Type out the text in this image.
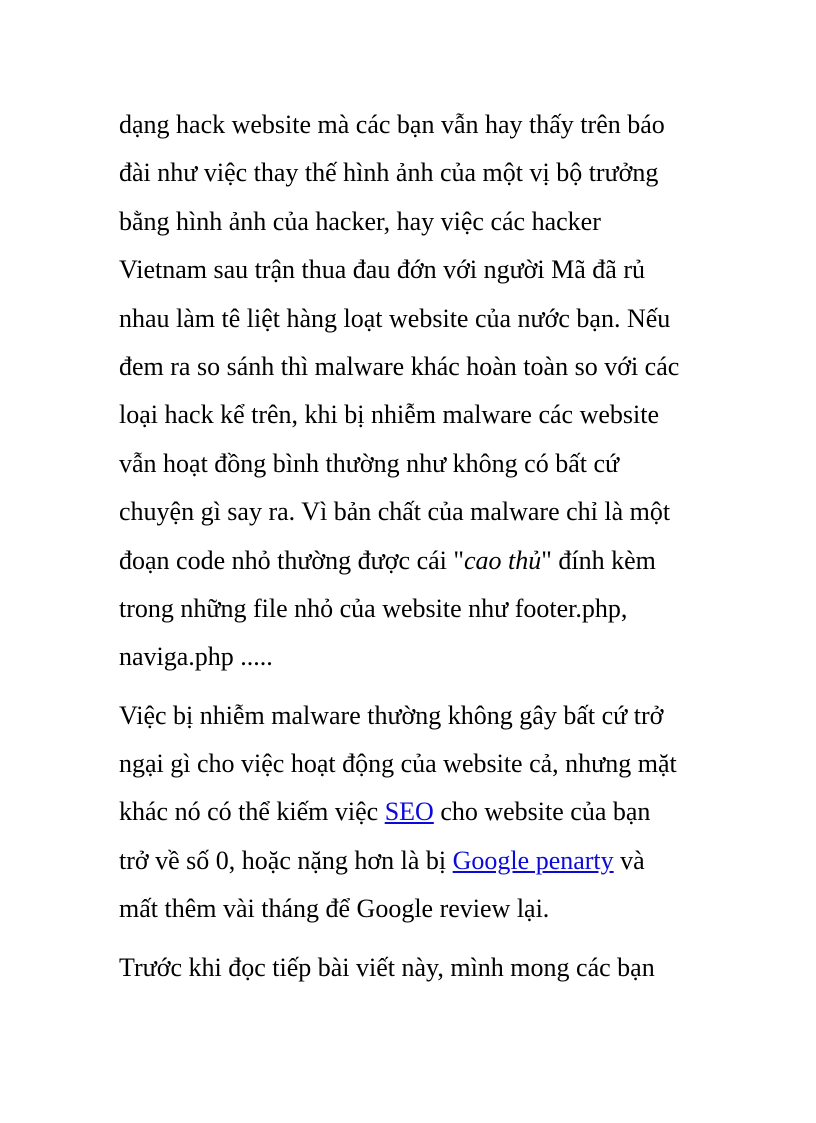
dạng hack website mà các bạn vẫn hay thấy trên báo
đài như việc thay thế hình ảnh của một vị bộ trưởng
bằng hình ảnh của hacker, hay việc các hacker
Vietnam sau trận thua đau đớn với người Mã đã rủ
nhau làm tê liệt hàng loạt website của nước bạn. Nếu
đem ra so sánh thì malware khác hoàn toàn so với các
loại hack kể trên, khi bị nhiễm malware các website
vẫn hoạt đồng bình thường như không có bất cứ
chuyện gì say ra. Vì bản chất của malware chỉ là một
đoạn code nhỏ thường được cái "cao thủ" đính kèm
trong những file nhỏ của website như footer.php,
naviga.php .....
Việc bị nhiễm malware thường không gây bất cứ trở
ngại gì cho việc hoạt động của website cả, nhưng mặt
khác nó có thể kiếm việc SEO cho website của bạn
trở về số 0, hoặc nặng hơn là bị Google penarty và
mất thêm vài tháng để Google review lại.
Trước khi đọc tiếp bài viết này, mình mong các bạn
